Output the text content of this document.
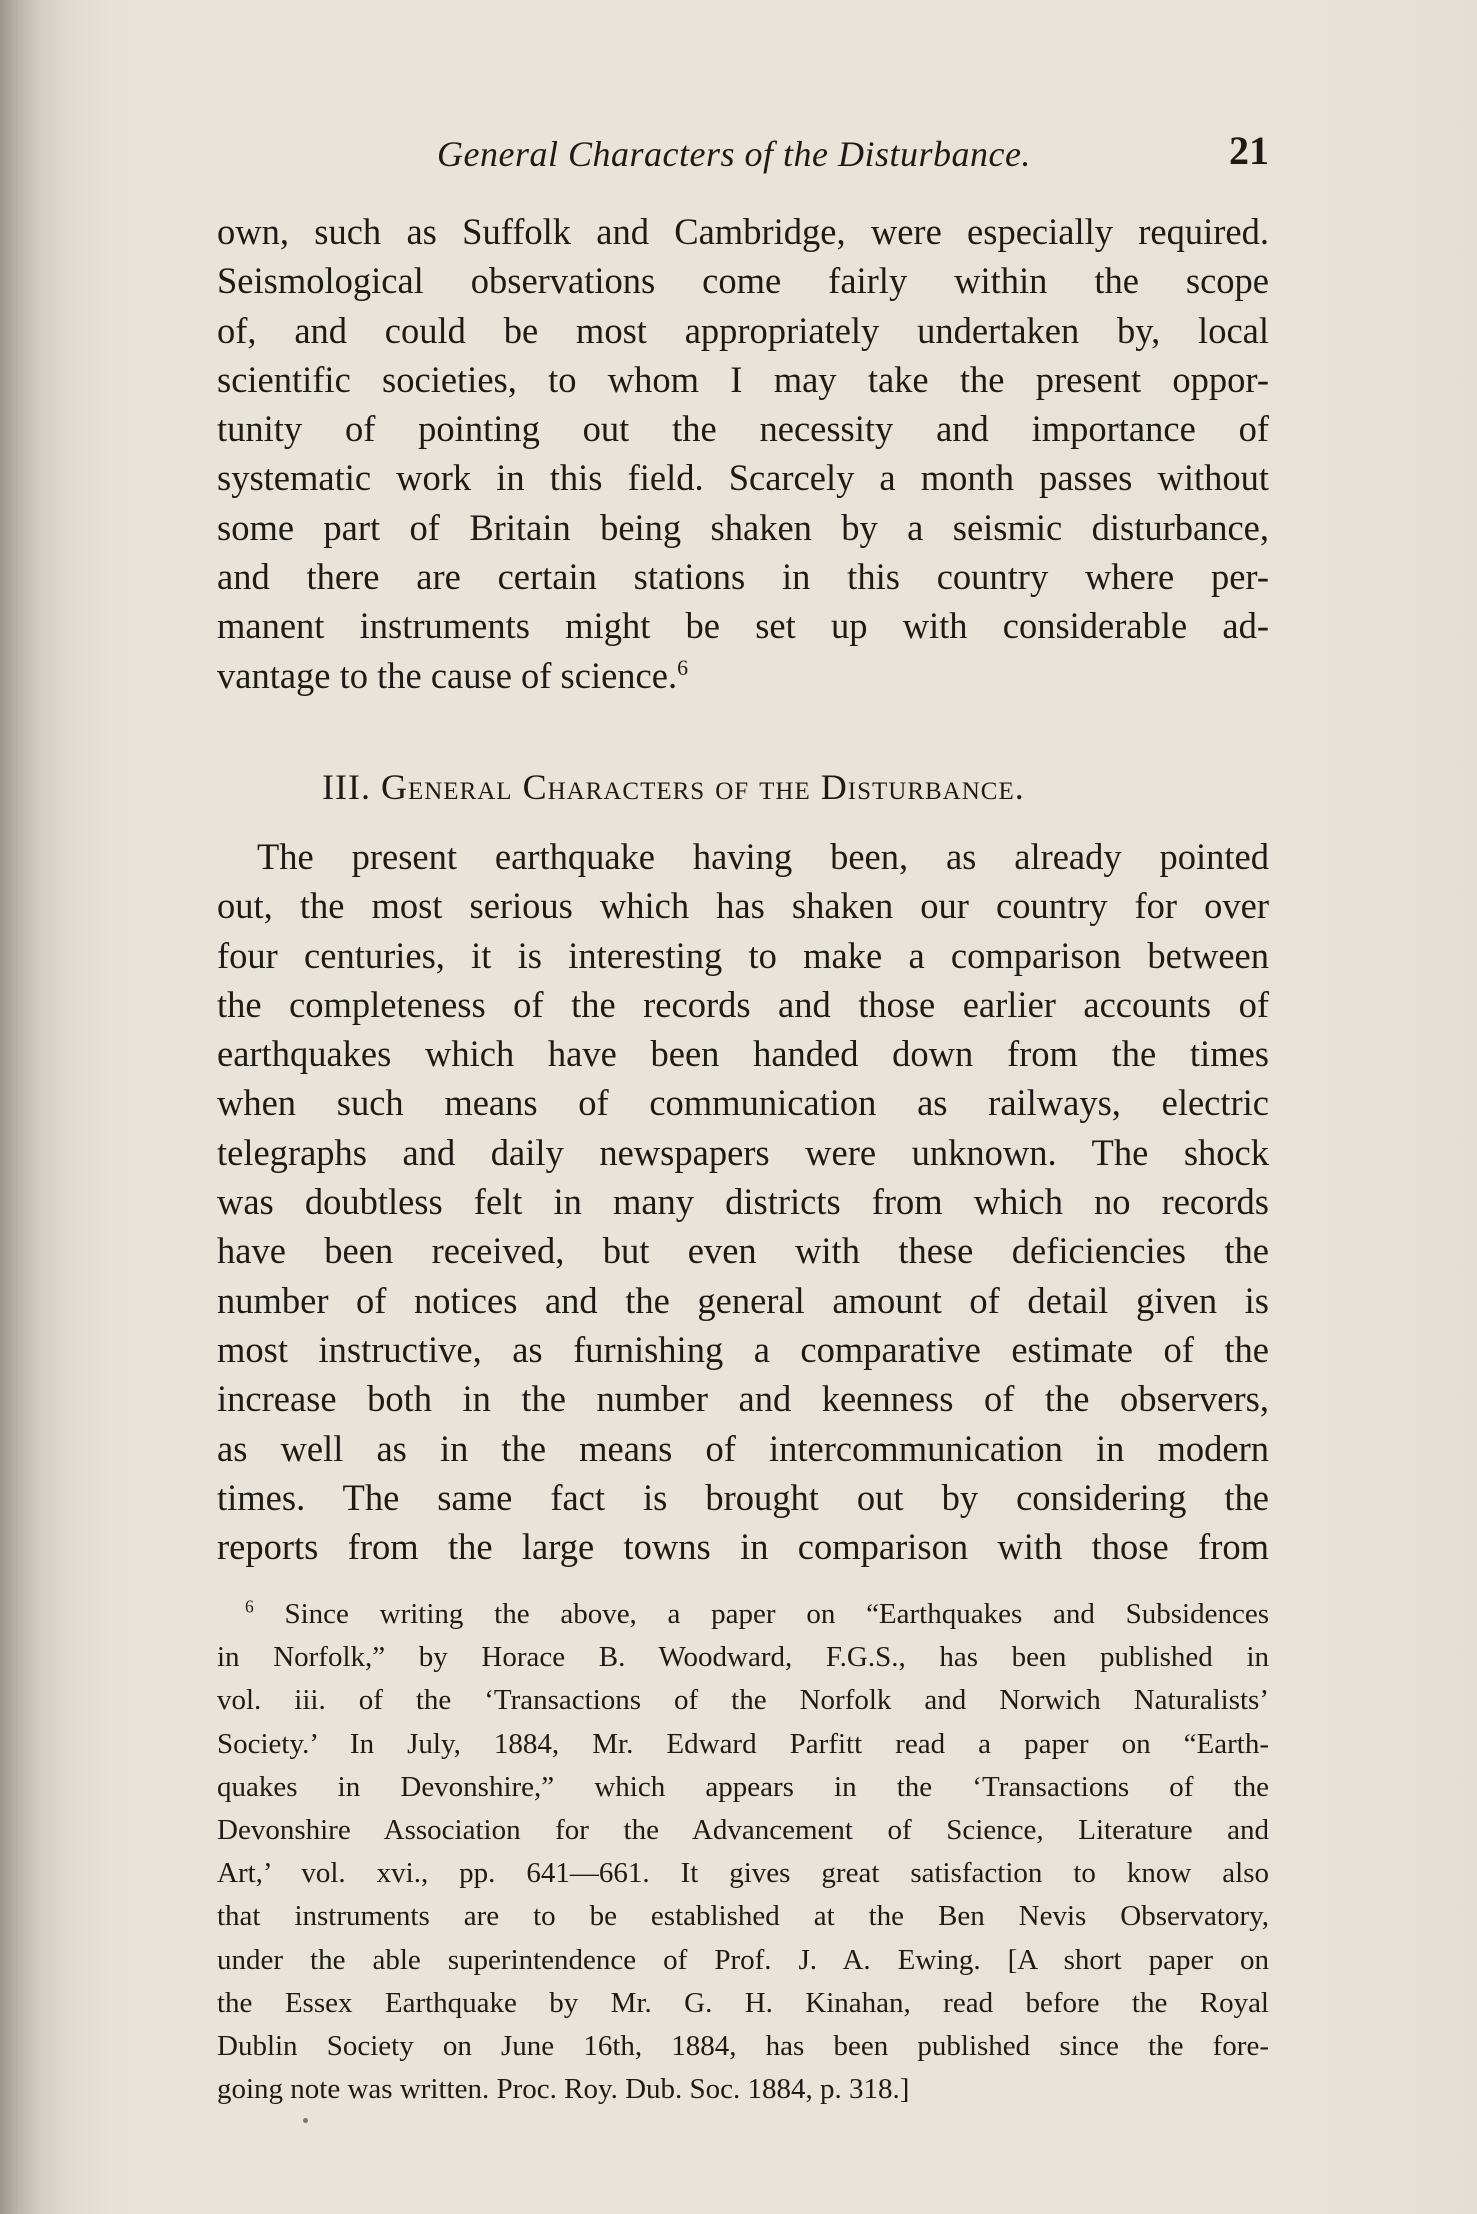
General Characters of the Disturbance.	21
own, such as Suffolk and Cambridge, were especially required.
Seismological observations come fairly within the scope
of, and could be most appropriately undertaken by, local
scientific societies, to whom I may take the present oppor-
tunity of pointing out the necessity and importance of
systematic work in this field. Scarcely a month passes without
some part of Britain being shaken by a seismic disturbance,
and there are certain stations in this country where per-
manent instruments might be set up with considerable ad-
vantage to the cause of science.$^6$
III. General Characters of the Disturbance.
The present earthquake having been, as already pointed
out, the most serious which has shaken our country for over
four centuries, it is interesting to make a comparison between
the completeness of the records and those earlier accounts of
earthquakes which have been handed down from the times
when such means of communication as railways, electric
telegraphs and daily newspapers were unknown. The shock
was doubtless felt in many districts from which no records
have been received, but even with these deficiencies the
number of notices and the general amount of detail given is
most instructive, as furnishing a comparative estimate of the
increase both in the number and keenness of the observers,
as well as in the means of intercommunication in modern
times. The same fact is brought out by considering the
reports from the large towns in comparison with those from
$^6$ Since writing the above, a paper on “Earthquakes and Subsidences
in Norfolk,” by Horace B. Woodward, F.G.S., has been published in
vol. iii. of the ‘Transactions of the Norfolk and Norwich Naturalists’
Society.’ In July, 1884, Mr. Edward Parfitt read a paper on “Earth-
quakes in Devonshire,” which appears in the ‘Transactions of the
Devonshire Association for the Advancement of Science, Literature and
Art,’ vol. xvi., pp. 641—661. It gives great satisfaction to know also
that instruments are to be established at the Ben Nevis Observatory,
under the able superintendence of Prof. J. A. Ewing. [A short paper on
the Essex Earthquake by Mr. G. H. Kinahan, read before the Royal
Dublin Society on June 16th, 1884, has been published since the fore-
going note was written. Proc. Roy. Dub. Soc. 1884, p. 318.]
